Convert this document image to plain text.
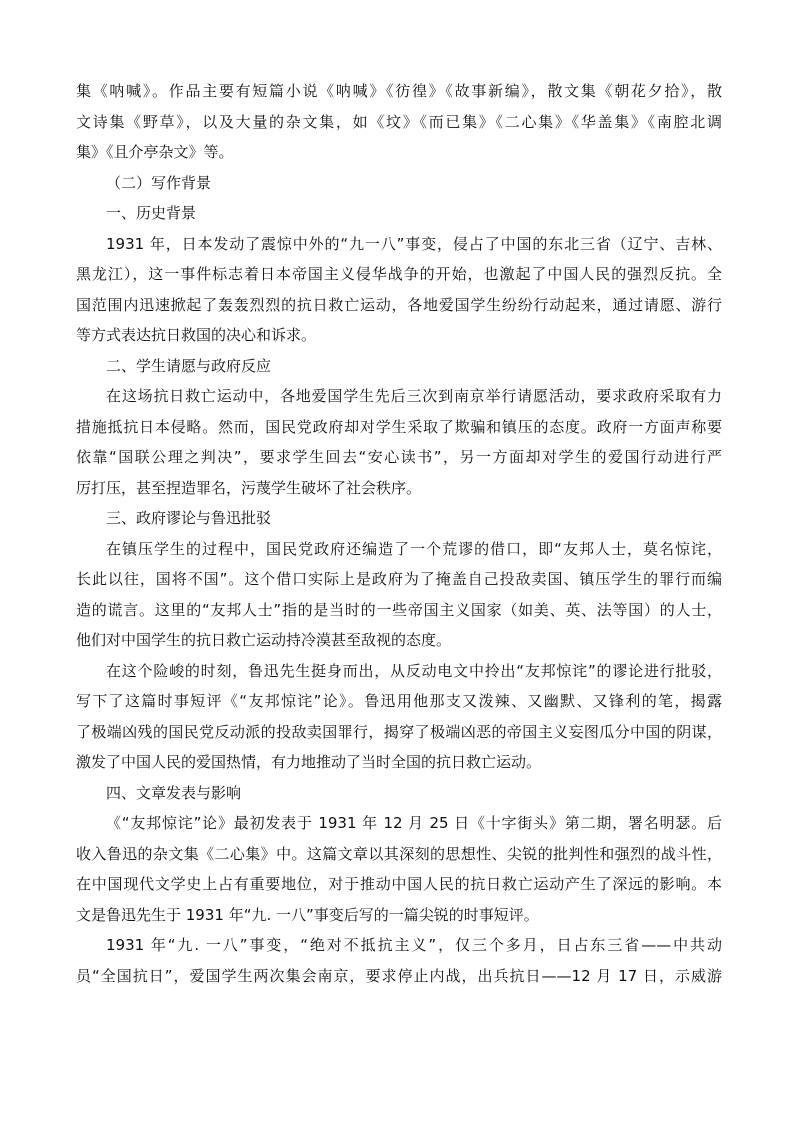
集《呐喊》。作品主要有短篇小说《呐喊》《彷徨》《故事新编》，散文集《朝花夕拾》，散
文诗集《野草》，以及大量的杂文集，如《坟》《而已集》《二心集》《华盖集》《南腔北调
集》《且介亭杂文》等。
（二）写作背景
一、历史背景
1931 年，日本发动了震惊中外的“九一八”事变，侵占了中国的东北三省（辽宁、吉林、
黑龙江），这一事件标志着日本帝国主义侵华战争的开始，也激起了中国人民的强烈反抗。全
国范围内迅速掀起了轰轰烈烈的抗日救亡运动，各地爱国学生纷纷行动起来，通过请愿、游行
等方式表达抗日救国的决心和诉求。
二、学生请愿与政府反应
在这场抗日救亡运动中，各地爱国学生先后三次到南京举行请愿活动，要求政府采取有力
措施抵抗日本侵略。然而，国民党政府却对学生采取了欺骗和镇压的态度。政府一方面声称要
依靠“国联公理之判决”，要求学生回去“安心读书”，另一方面却对学生的爱国行动进行严
厉打压，甚至捏造罪名，污蔑学生破坏了社会秩序。
三、政府谬论与鲁迅批驳
在镇压学生的过程中，国民党政府还编造了一个荒谬的借口，即“友邦人士，莫名惊诧，
长此以往，国将不国”。这个借口实际上是政府为了掩盖自己投敌卖国、镇压学生的罪行而编
造的谎言。这里的“友邦人士”指的是当时的一些帝国主义国家（如美、英、法等国）的人士，
他们对中国学生的抗日救亡运动持冷漠甚至敌视的态度。
在这个险峻的时刻，鲁迅先生挺身而出，从反动电文中拎出“友邦惊诧”的谬论进行批驳，
写下了这篇时事短评《“友邦惊诧”论》。鲁迅用他那支又泼辣、又幽默、又锋利的笔，揭露
了极端凶残的国民党反动派的投敌卖国罪行，揭穿了极端凶恶的帝国主义妄图瓜分中国的阴谋，
激发了中国人民的爱国热情，有力地推动了当时全国的抗日救亡运动。
四、文章发表与影响
《“友邦惊诧”论》最初发表于 1931 年 12 月 25 日《十字街头》第二期，署名明瑟。后
收入鲁迅的杂文集《二心集》中。这篇文章以其深刻的思想性、尖锐的批判性和强烈的战斗性，
在中国现代文学史上占有重要地位，对于推动中国人民的抗日救亡运动产生了深远的影响。本
文是鲁迅先生于 1931 年“九. 一八”事变后写的一篇尖锐的时事短评。
1931 年“九. 一八”事变，“绝对不抵抗主义”，仅三个多月，日占东三省——中共动
员“全国抗日”，爱国学生两次集会南京，要求停止内战，出兵抗日——12 月 17 日，示威游
